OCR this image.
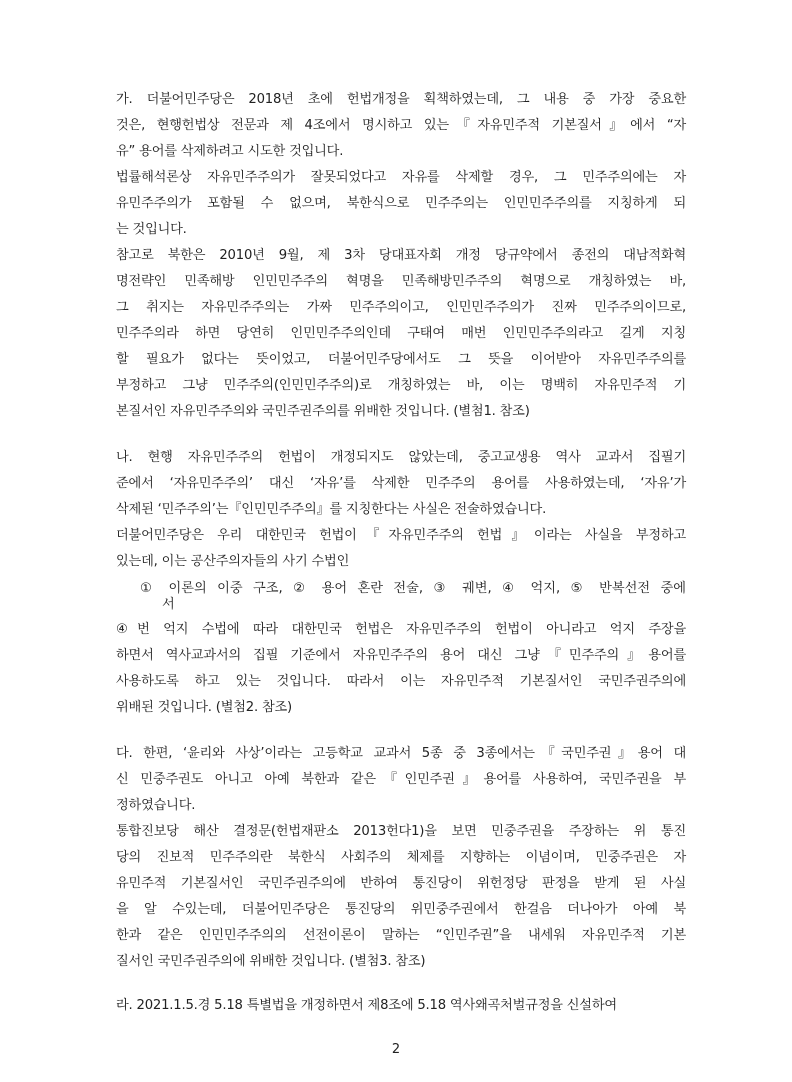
가. 더불어민주당은 2018년 초에 헌법개정을 획책하였는데, 그 내용 중 가장 중요한
것은, 현행헌법상 전문과 제 4조에서 명시하고 있는『자유민주적 기본질서』에서 “자
유” 용어를 삭제하려고 시도한 것입니다.
법률해석론상 자유민주주의가 잘못되었다고 자유를 삭제할 경우, 그 민주주의에는 자
유민주주의가 포함될 수 없으며, 북한식으로 민주주의는 인민민주주의를 지칭하게 되
는 것입니다.
참고로 북한은 2010년 9월, 제 3차 당대표자회 개정 당규약에서 종전의 대남적화혁
명전략인 민족해방 인민민주주의 혁명을 민족해방민주주의 혁명으로 개칭하였는 바,
그 취지는 자유민주주의는 가짜 민주주의이고, 인민민주주의가 진짜 민주주의이므로,
민주주의라 하면 당연히 인민민주주의인데 구태여 매번 인민민주주의라고 길게 지칭
할 필요가 없다는 뜻이었고, 더불어민주당에서도 그 뜻을 이어받아 자유민주주의를
부정하고 그냥 민주주의(인민민주주의)로 개칭하였는 바, 이는 명백히 자유민주적 기
본질서인 자유민주주의와 국민주권주의를 위배한 것입니다. (별첨1. 참조)
나. 현행 자유민주주의 헌법이 개정되지도 않았는데, 중고교생용 역사 교과서 집필기
준에서 ‘자유민주주의’ 대신 ‘자유’를 삭제한 민주주의 용어를 사용하였는데, ‘자유’가
삭제된 ‘민주주의’는『인민민주주의』를 지칭한다는 사실은 전술하였습니다.
더불어민주당은 우리 대한민국 헌법이『자유민주주의 헌법』이라는 사실을 부정하고
있는데, 이는 공산주의자들의 사기 수법인
① 이론의 이중 구조, ② 용어 혼란 전술, ③ 궤변, ④ 억지, ⑤ 반복선전 중에
서
④번 억지 수법에 따라 대한민국 헌법은 자유민주주의 헌법이 아니라고 억지 주장을
하면서 역사교과서의 집필 기준에서 자유민주주의 용어 대신 그냥『민주주의』용어를
사용하도록 하고 있는 것입니다. 따라서 이는 자유민주적 기본질서인 국민주권주의에
위배된 것입니다. (별첨2. 참조)
다. 한편, ‘윤리와 사상’이라는 고등학교 교과서 5종 중 3종에서는『국민주권』용어 대
신 민중주권도 아니고 아예 북한과 같은『인민주권』용어를 사용하여, 국민주권을 부
정하였습니다.
통합진보당 해산 결정문(헌법재판소 2013헌다1)을 보면 민중주권을 주장하는 위 통진
당의 진보적 민주주의란 북한식 사회주의 체제를 지향하는 이념이며, 민중주권은 자
유민주적 기본질서인 국민주권주의에 반하여 통진당이 위헌정당 판정을 받게 된 사실
을 알 수있는데, 더불어민주당은 통진당의 위민중주권에서 한걸음 더나아가 아예 북
한과 같은 인민민주주의의 선전이론이 말하는 “인민주권”을 내세워 자유민주적 기본
질서인 국민주권주의에 위배한 것입니다. (별첨3. 참조)
2
라. 2021.1.5.경 5.18 특별법을 개정하면서 제8조에 5.18 역사왜곡처벌규정을 신설하여
